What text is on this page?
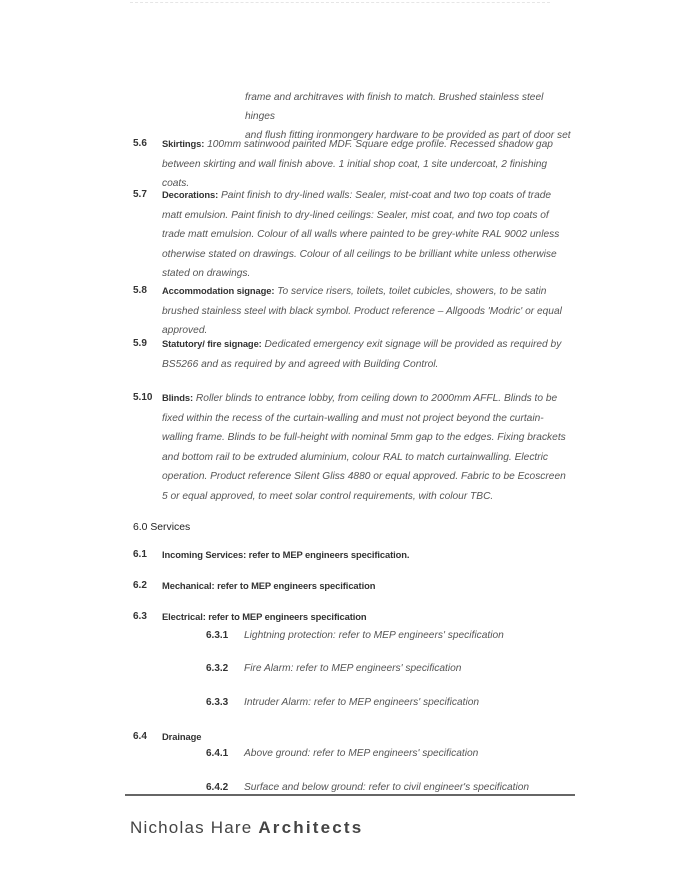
frame and architraves with finish to match. Brushed stainless steel hinges
and flush fitting ironmongery hardware to be provided as part of door set
5.6 Skirtings: 100mm satinwood painted MDF. Square edge profile. Recessed shadow gap between skirting and wall finish above. 1 initial shop coat, 1 site undercoat, 2 finishing coats.
5.7 Decorations: Paint finish to dry-lined walls: Sealer, mist-coat and two top coats of trade matt emulsion. Paint finish to dry-lined ceilings: Sealer, mist coat, and two top coats of trade matt emulsion. Colour of all walls where painted to be grey-white RAL 9002 unless otherwise stated on drawings. Colour of all ceilings to be brilliant white unless otherwise stated on drawings.
5.8 Accommodation signage: To service risers, toilets, toilet cubicles, showers, to be satin brushed stainless steel with black symbol. Product reference – Allgoods 'Modric' or equal approved.
5.9 Statutory/ fire signage: Dedicated emergency exit signage will be provided as required by BS5266 and as required by and agreed with Building Control.
5.10 Blinds: Roller blinds to entrance lobby, from ceiling down to 2000mm AFFL. Blinds to be fixed within the recess of the curtain-walling and must not project beyond the curtain-walling frame. Blinds to be full-height with nominal 5mm gap to the edges. Fixing brackets and bottom rail to be extruded aluminium, colour RAL to match curtainwalling. Electric operation. Product reference Silent Gliss 4880 or equal approved. Fabric to be Ecoscreen 5 or equal approved, to meet solar control requirements, with colour TBC.
6.0 Services
6.1 Incoming Services: refer to MEP engineers specification.
6.2 Mechanical: refer to MEP engineers specification
6.3 Electrical: refer to MEP engineers specification
6.3.1 Lightning protection: refer to MEP engineers' specification
6.3.2 Fire Alarm: refer to MEP engineers' specification
6.3.3 Intruder Alarm: refer to MEP engineers' specification
6.4 Drainage
6.4.1 Above ground: refer to MEP engineers' specification
6.4.2 Surface and below ground: refer to civil engineer's specification
Nicholas Hare Architects
